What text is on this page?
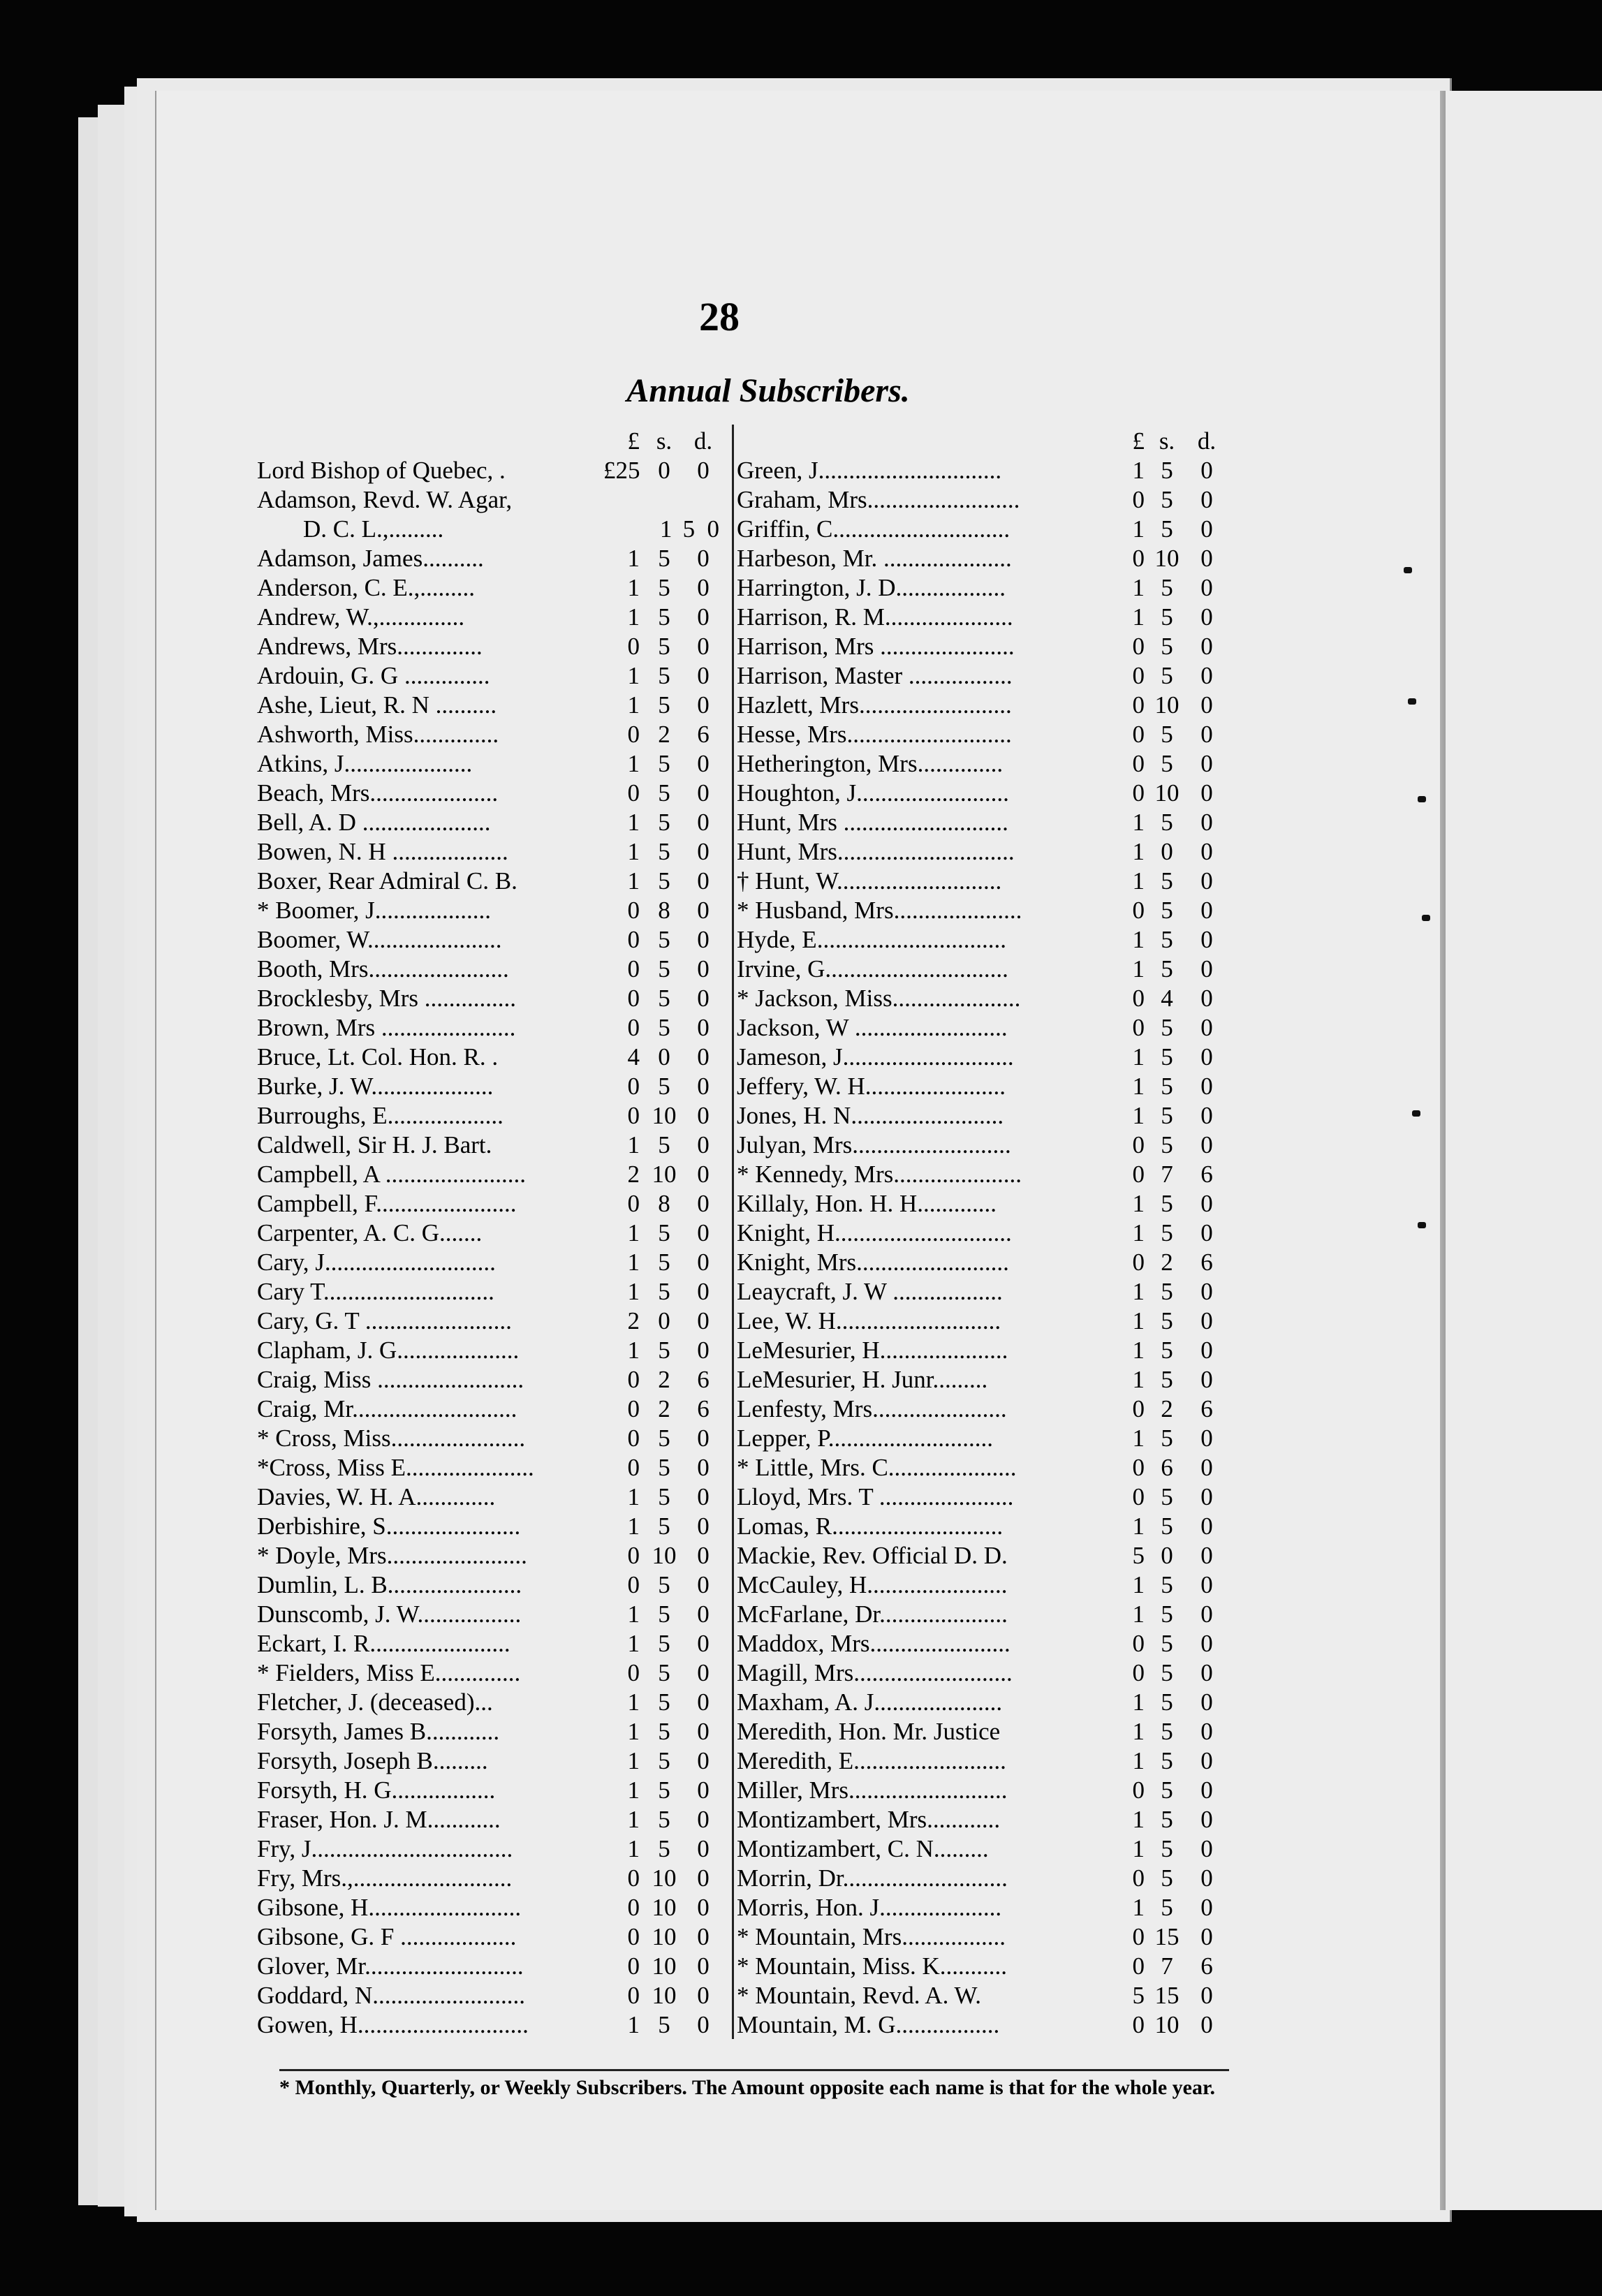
28
Annual Subscribers.
£ s. d.
Lord Bishop of Quebec, .	£25 0	0
Adamson, Revd. W. Agar,
D. C. L.,.........	1 5 0
Adamson, James..........	1 5	0
Anderson, C. E.,.........	1 5	0
Andrew, W.,..............	1 5	0
Andrews, Mrs..............	0 5	0
Ardouin, G. G ..............	1 5	0
Ashe, Lieut, R. N ..........	1 5	0
Ashworth, Miss..............	0 2	6
Atkins, J.....................	1 5	0
Beach, Mrs.....................	0 5	0
Bell, A. D .....................	1 5	0
Bowen, N. H ...................	1 5	0
Boxer, Rear Admiral C. B.	1 5	0
* Boomer, J...................	0 8	0
Boomer, W......................	0 5	0
Booth, Mrs.......................	0 5	0
Brocklesby, Mrs ...............	0 5	0
Brown, Mrs ......................	0 5	0
Bruce, Lt. Col. Hon. R. .	4 0	0
Burke, J. W....................	0 5	0
Burroughs, E...................	0 10 0
Caldwell, Sir H. J. Bart.	1 5	0
Campbell, A .......................	2 10 0
Campbell, F.......................	0 8	0
Carpenter, A. C. G.......	1 5	0
Cary, J............................	1 5	0
Cary T............................	1 5	0
Cary, G. T ........................	2 0	0
Clapham, J. G....................	1 5	0
Craig, Miss ........................	0 2	6
Craig, Mr...........................	0 2	6
* Cross, Miss......................	0 5	0
*Cross, Miss E.....................	0 5	0
Davies, W. H. A.............	1 5	0
Derbishire, S......................	1 5	0
* Doyle, Mrs.......................	0 10 0
Dumlin, L. B......................	0 5	0
Dunscomb, J. W.................	1 5	0
Eckart, I. R.......................	1 5	0
* Fielders, Miss E..............	0 5	0
Fletcher, J. (deceased)...	1 5	0
Forsyth, James B............	1 5	0
Forsyth, Joseph B.........	1 5	0
Forsyth, H. G.................	1 5	0
Fraser, Hon. J. M............	1 5	0
Fry, J.................................	1 5	0
Fry, Mrs.,..........................	0 10 0
Gibsone, H.........................	0 10 0
Gibsone, G. F ...................	0 10 0
Glover, Mr..........................	0 10 0
Goddard, N.........................	0 10 0
Gowen, H............................	1 5	0
£ s. d.
Green, J..............................	1 5	0
Graham, Mrs.........................	0 5	0
Griffin, C.............................	1 5	0
Harbeson, Mr. .....................	0 10 0
Harrington, J. D..................	1 5	0
Harrison, R. M.....................	1 5	0
Harrison, Mrs ......................	0 5	0
Harrison, Master .................	0 5	0
Hazlett, Mrs.........................	0 10 0
Hesse, Mrs...........................	0 5	0
Hetherington, Mrs..............	0 5	0
Houghton, J.........................	0 10 0
Hunt, Mrs ...........................	1 5	0
Hunt, Mrs.............................	1 0	0
† Hunt, W...........................	1 5	0
* Husband, Mrs.....................	0 5	0
Hyde, E...............................	1 5	0
Irvine, G..............................	1 5	0
* Jackson, Miss.....................	0 4	0
Jackson, W .........................	0 5	0
Jameson, J............................	1 5	0
Jeffery, W. H.......................	1 5	0
Jones, H. N.........................	1 5	0
Julyan, Mrs..........................	0 5	0
* Kennedy, Mrs.....................	0 7	6
Killaly, Hon. H. H.............	1 5	0
Knight, H.............................	1 5	0
Knight, Mrs.........................	0 2	6
Leaycraft, J. W ..................	1 5	0
Lee, W. H...........................	1 5	0
LeMesurier, H.....................	1 5	0
LeMesurier, H. Junr.........	1 5	0
Lenfesty, Mrs......................	0 2	6
Lepper, P...........................	1 5	0
* Little, Mrs. C.....................	0 6	0
Lloyd, Mrs. T ......................	0 5	0
Lomas, R............................	1 5	0
Mackie, Rev. Official D. D.	5 0	0
McCauley, H.......................	1 5	0
McFarlane, Dr.....................	1 5	0
Maddox, Mrs.......................	0 5	0
Magill, Mrs..........................	0 5	0
Maxham, A. J.....................	1 5	0
Meredith, Hon. Mr. Justice	1 5	0
Meredith, E.........................	1 5	0
Miller, Mrs..........................	0 5	0
Montizambert, Mrs............	1 5	0
Montizambert, C. N.........	1 5	0
Morrin, Dr...........................	0 5	0
Morris, Hon. J....................	1 5	0
* Mountain, Mrs.................	0 15 0
* Mountain, Miss. K...........	0 7	6
* Mountain, Revd. A. W.	5 15 0
Mountain, M. G.................	0 10 0
* Monthly, Quarterly, or Weekly Subscribers. The Amount opposite each name is that for the whole year.
